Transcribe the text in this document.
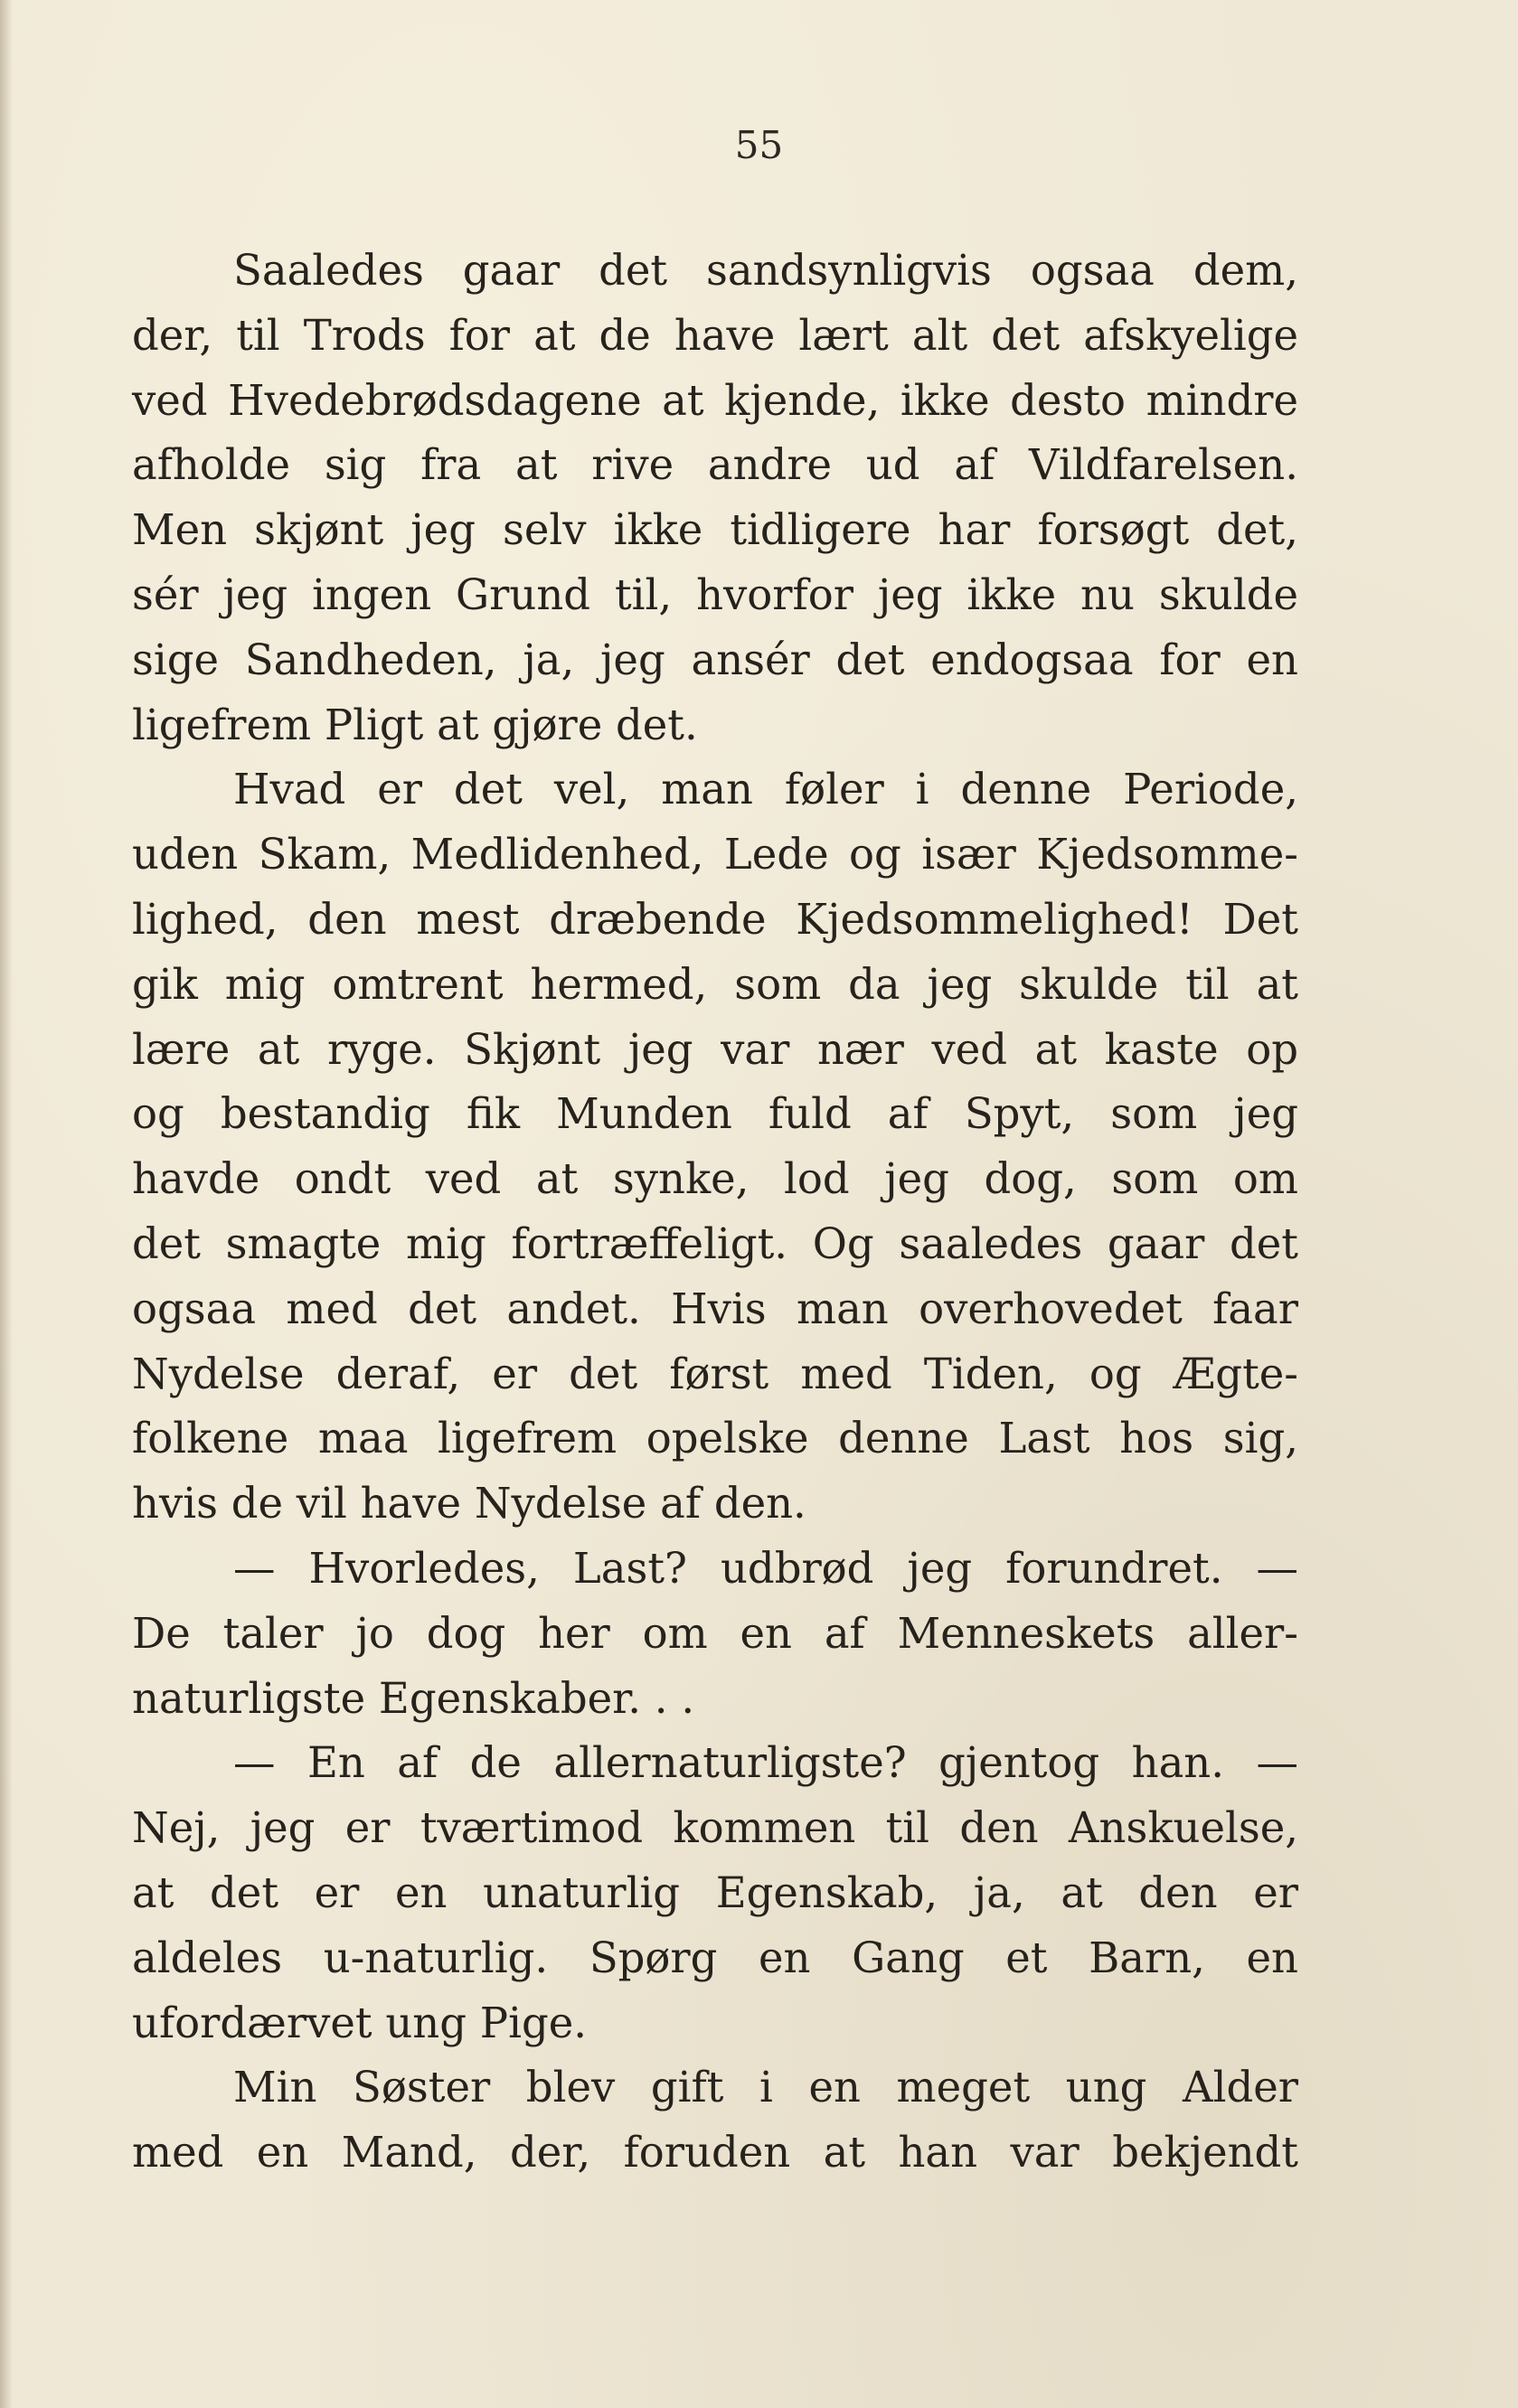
55
Saaledes gaar det sandsynligvis ogsaa dem,
der, til Trods for at de have lært alt det afskyelige
ved Hvedebrødsdagene at kjende, ikke desto mindre
afholde sig fra at rive andre ud af Vildfarelsen.
Men skjønt jeg selv ikke tidligere har forsøgt det,
sér jeg ingen Grund til, hvorfor jeg ikke nu skulde
sige Sandheden, ja, jeg ansér det endogsaa for en
ligefrem Pligt at gjøre det.
Hvad er det vel, man føler i denne Periode,
uden Skam, Medlidenhed, Lede og især Kjedsomme-
lighed, den mest dræbende Kjedsommelighed! Det
gik mig omtrent hermed, som da jeg skulde til at
lære at ryge. Skjønt jeg var nær ved at kaste op
og bestandig fik Munden fuld af Spyt, som jeg
havde ondt ved at synke, lod jeg dog, som om
det smagte mig fortræffeligt. Og saaledes gaar det
ogsaa med det andet. Hvis man overhovedet faar
Nydelse deraf, er det først med Tiden, og Ægte-
folkene maa ligefrem opelske denne Last hos sig,
hvis de vil have Nydelse af den.
— Hvorledes, Last? udbrød jeg forundret. —
De taler jo dog her om en af Menneskets aller-
naturligste Egenskaber. . .
— En af de allernaturligste? gjentog han. —
Nej, jeg er tværtimod kommen til den Anskuelse,
at det er en unaturlig Egenskab, ja, at den er
aldeles u-naturlig. Spørg en Gang et Barn, en
ufordærvet ung Pige.
Min Søster blev gift i en meget ung Alder
med en Mand, der, foruden at han var bekjendt
